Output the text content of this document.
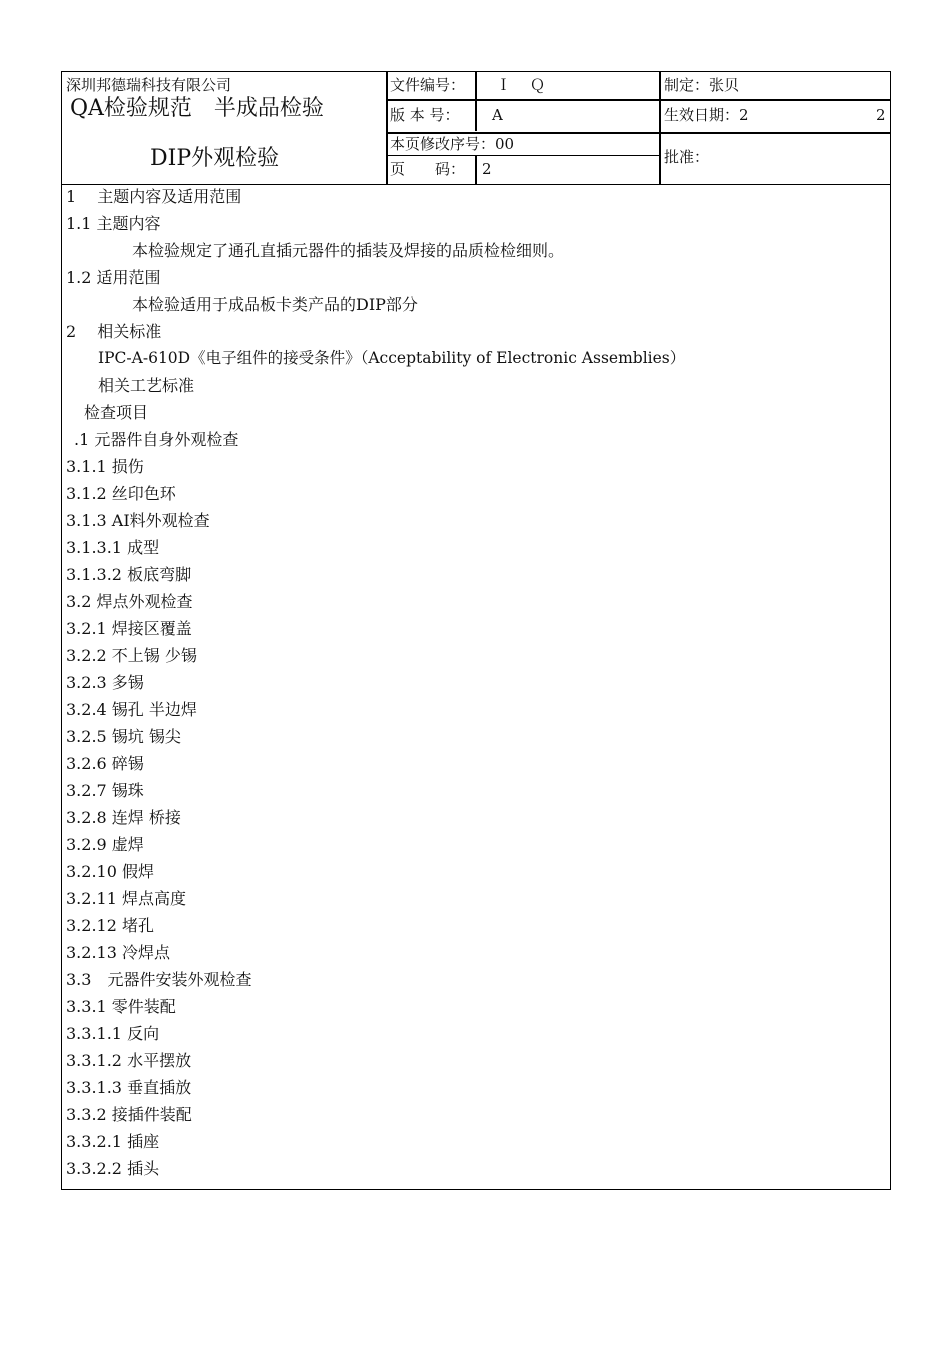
深圳邦德瑞科技有限公司
QA检验规范　半成品检验
DIP外观检验
文件编号： Ｉ　Ｑ
版 本 号： A
本页修改序号：00
页　　码： 2
制定：张贝
生效日期：2	2
批准：
1　 主题内容及适用范围
1.1 主题内容
本检验规定了通孔直插元器件的插装及焊接的品质检检细则。
1.2 适用范围
本检验适用于成品板卡类产品的DIP部分
2　 相关标准
IPC-A-610D《电子组件的接受条件》（Acceptability of Electronic Assemblies）
相关工艺标准
检查项目
.1 元器件自身外观检查
3.1.1 损伤
3.1.2 丝印色环
3.1.3 AI料外观检查
3.1.3.1 成型
3.1.3.2 板底弯脚
3.2 焊点外观检查
3.2.1 焊接区覆盖
3.2.2 不上锡 少锡
3.2.3 多锡
3.2.4 锡孔 半边焊
3.2.5 锡坑 锡尖
3.2.6 碎锡
3.2.7 锡珠
3.2.8 连焊 桥接
3.2.9 虚焊
3.2.10 假焊
3.2.11 焊点高度
3.2.12 堵孔
3.2.13 冷焊点
3.3　元器件安装外观检查
3.3.1 零件装配
3.3.1.1 反向
3.3.1.2 水平摆放
3.3.1.3 垂直插放
3.3.2 接插件装配
3.3.2.1 插座
3.3.2.2 插头
